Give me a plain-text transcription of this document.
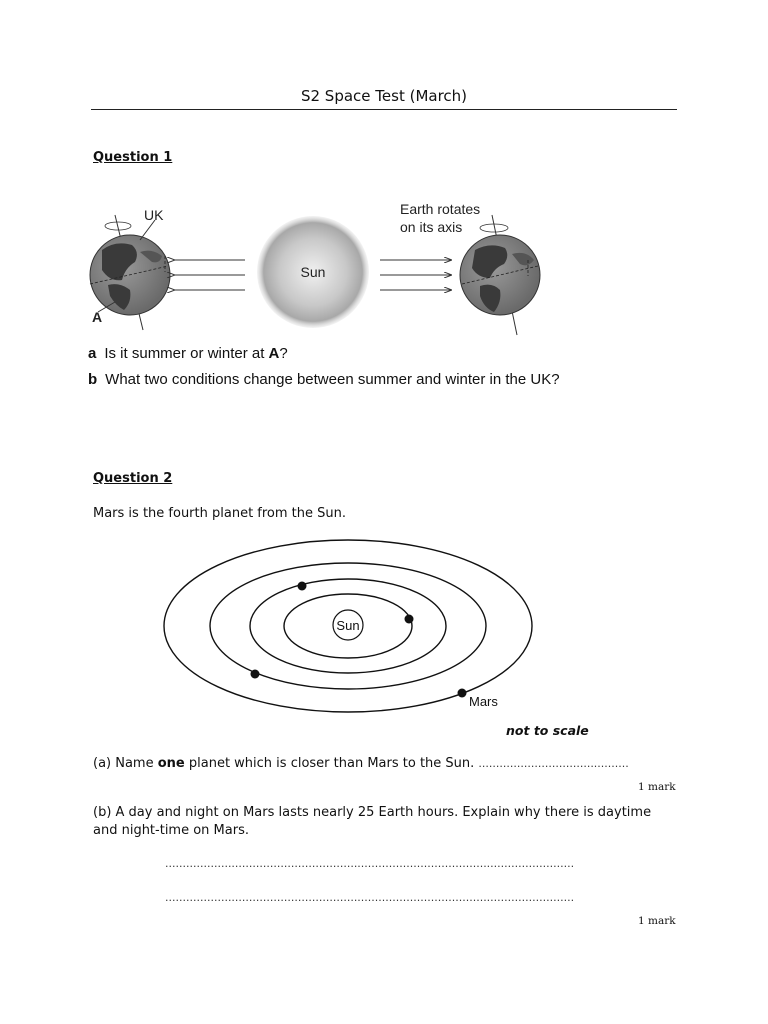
S2 Space Test (March)
Question 1
UK
A
Sun
Earth rotates
on its axis
a Is it summer or winter at A?
b What two conditions change between summer and winter in the UK?
Question 2
Mars is the fourth planet from the Sun.
Sun
Mars
not to scale
(a) Name one planet which is closer than Mars to the Sun. ...........................................
1 mark
(b) A day and night on Mars lasts nearly 25 Earth hours. Explain why there is daytime
and night-time on Mars.
.....................................................................................................................
.....................................................................................................................
1 mark
